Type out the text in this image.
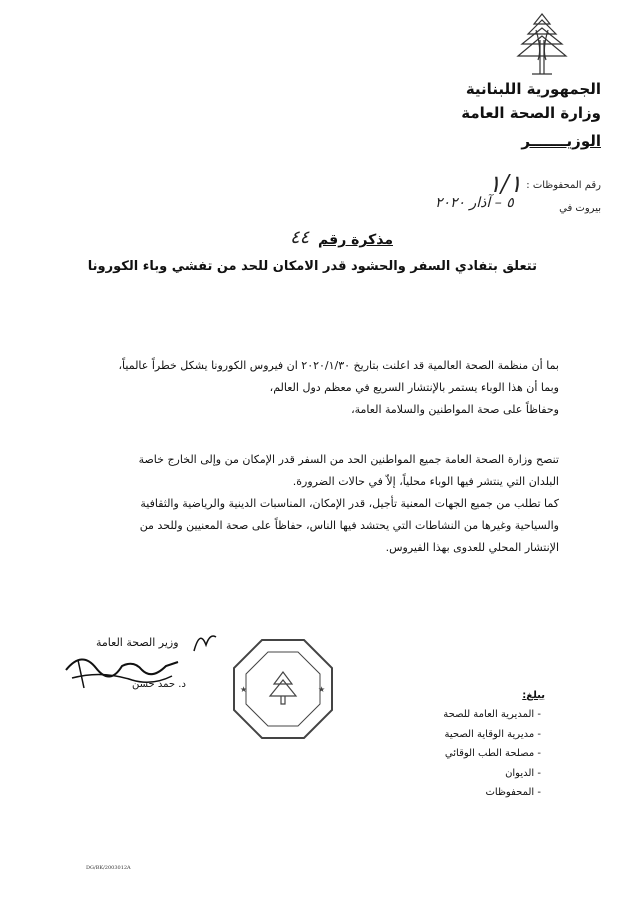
الجمهورية اللبنانية
وزارة الصحة العامة
الوزيـــــــر
رقم المحفوظات :
بيروت في
١/١
٥ – آذار ٢٠٢٠
مذكرة رقم
٤٤
تتعلق بتفادي السفر والحشود قدر الامكان للحد من تفشي وباء الكورونا

بما أن منظمة الصحة العالمية قد اعلنت بتاريخ ٢٠٢٠/١/٣٠ ان فيروس الكورونا يشكل خطراً عالمياً،

وبما أن هذا الوباء يستمر بالإنتشار السريع في معظم دول العالم،

وحفاظاً على صحة المواطنين والسلامة العامة،

تنصح وزارة الصحة العامة جميع المواطنين الحد من السفر قدر الإمكان من وإلى الخارج خاصة

البلدان التي ينتشر فيها الوباء محلياً، إلاّ في حالات الضرورة.

كما تطلب من جميع الجهات المعنية تأجيل، قدر الإمكان، المناسبات الدينية والرياضية والثقافية

والسياحية وغيرها من النشاطات التي يحتشد فيها الناس، حفاظاً على صحة المعنيين وللحد من

الإنتشار المحلي للعدوى بهذا الفيروس.

وزير الصحة العامة
د. حمد حسن	★	★
يبلغ:
- المديرية العامة للصحة
- مديرية الوقاية الصحية
- مصلحة الطب الوقائي
- الديوان
- المحفوظات
DG/BK/2003012A
